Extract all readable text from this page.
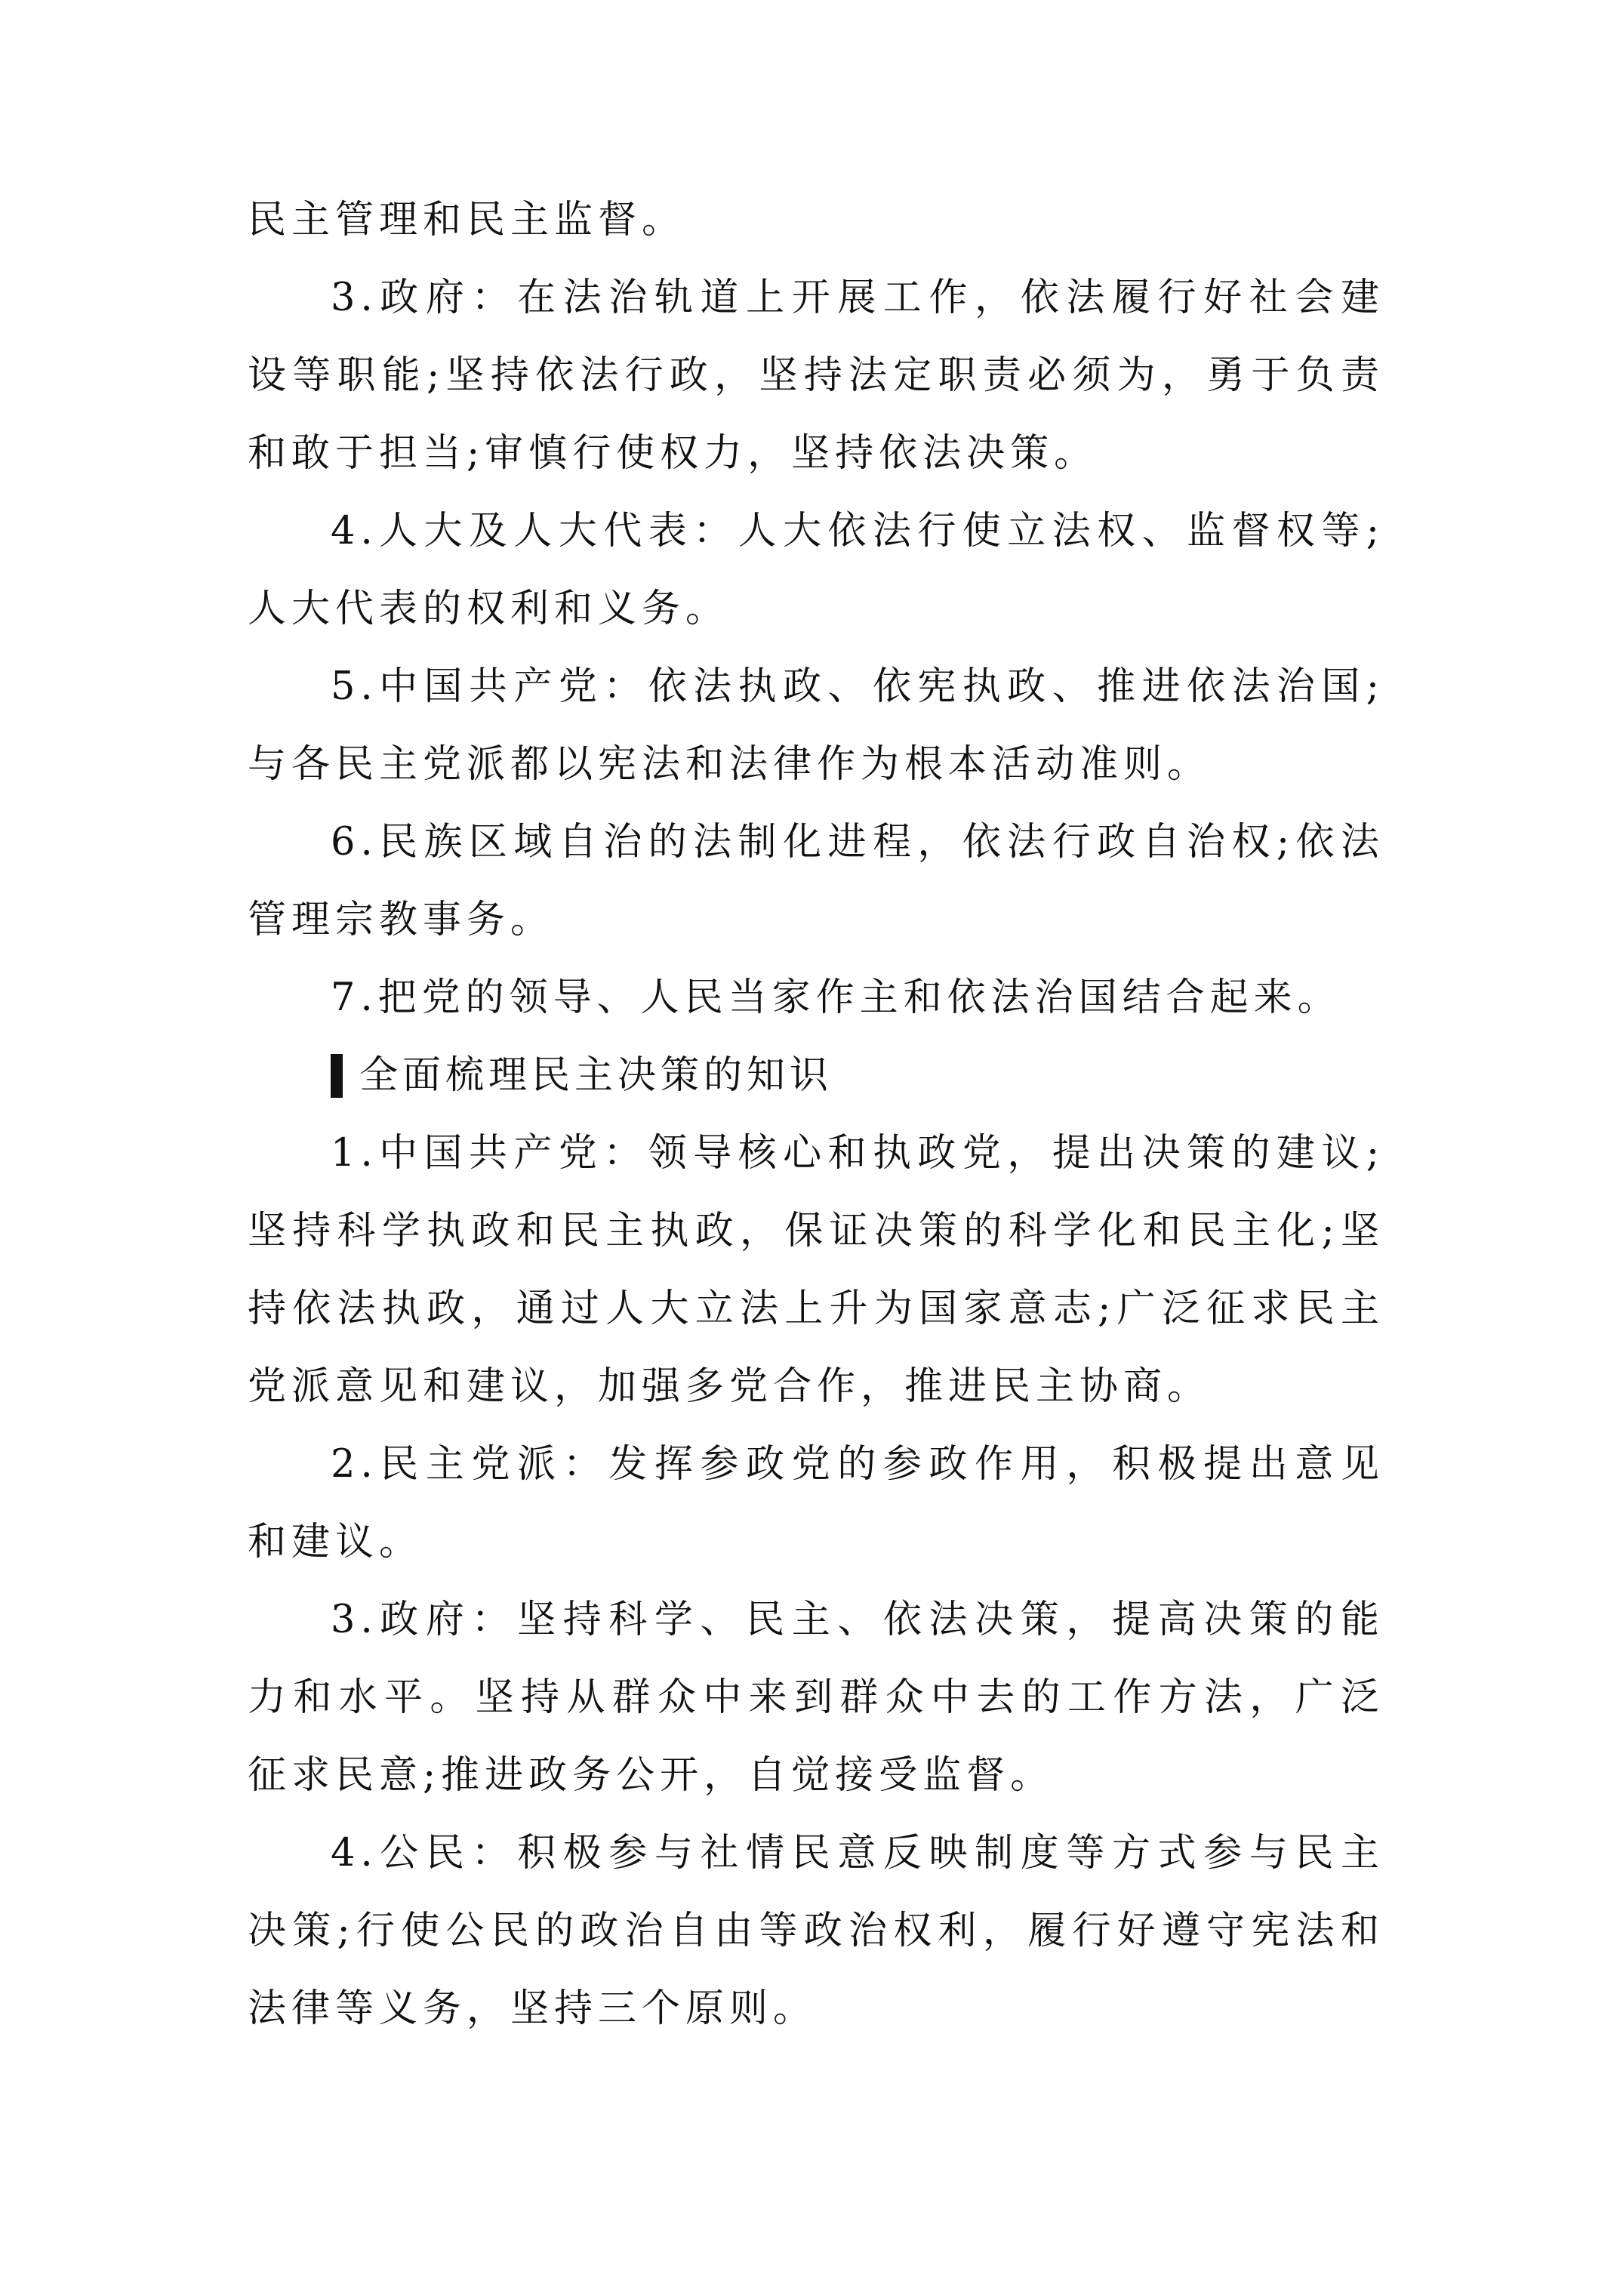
民主管理和民主监督。

3.政府：在法治轨道上开展工作，依法履行好社会建设等职能;坚持依法行政，坚持法定职责必须为，勇于负责和敢于担当;审慎行使权力，坚持依法决策。

4.人大及人大代表：人大依法行使立法权、监督权等;人大代表的权利和义务。

5.中国共产党：依法执政、依宪执政、推进依法治国;与各民主党派都以宪法和法律作为根本活动准则。

6.民族区域自治的法制化进程，依法行政自治权;依法管理宗教事务。

7.把党的领导、人民当家作主和依法治国结合起来。

全面梳理民主决策的知识

1.中国共产党：领导核心和执政党，提出决策的建议;坚持科学执政和民主执政，保证决策的科学化和民主化;坚持依法执政，通过人大立法上升为国家意志;广泛征求民主党派意见和建议，加强多党合作，推进民主协商。

2.民主党派：发挥参政党的参政作用，积极提出意见和建议。

3.政府：坚持科学、民主、依法决策，提高决策的能力和水平。坚持从群众中来到群众中去的工作方法，广泛征求民意;推进政务公开，自觉接受监督。

4.公民：积极参与社情民意反映制度等方式参与民主决策;行使公民的政治自由等政治权利，履行好遵守宪法和法律等义务，坚持三个原则。
